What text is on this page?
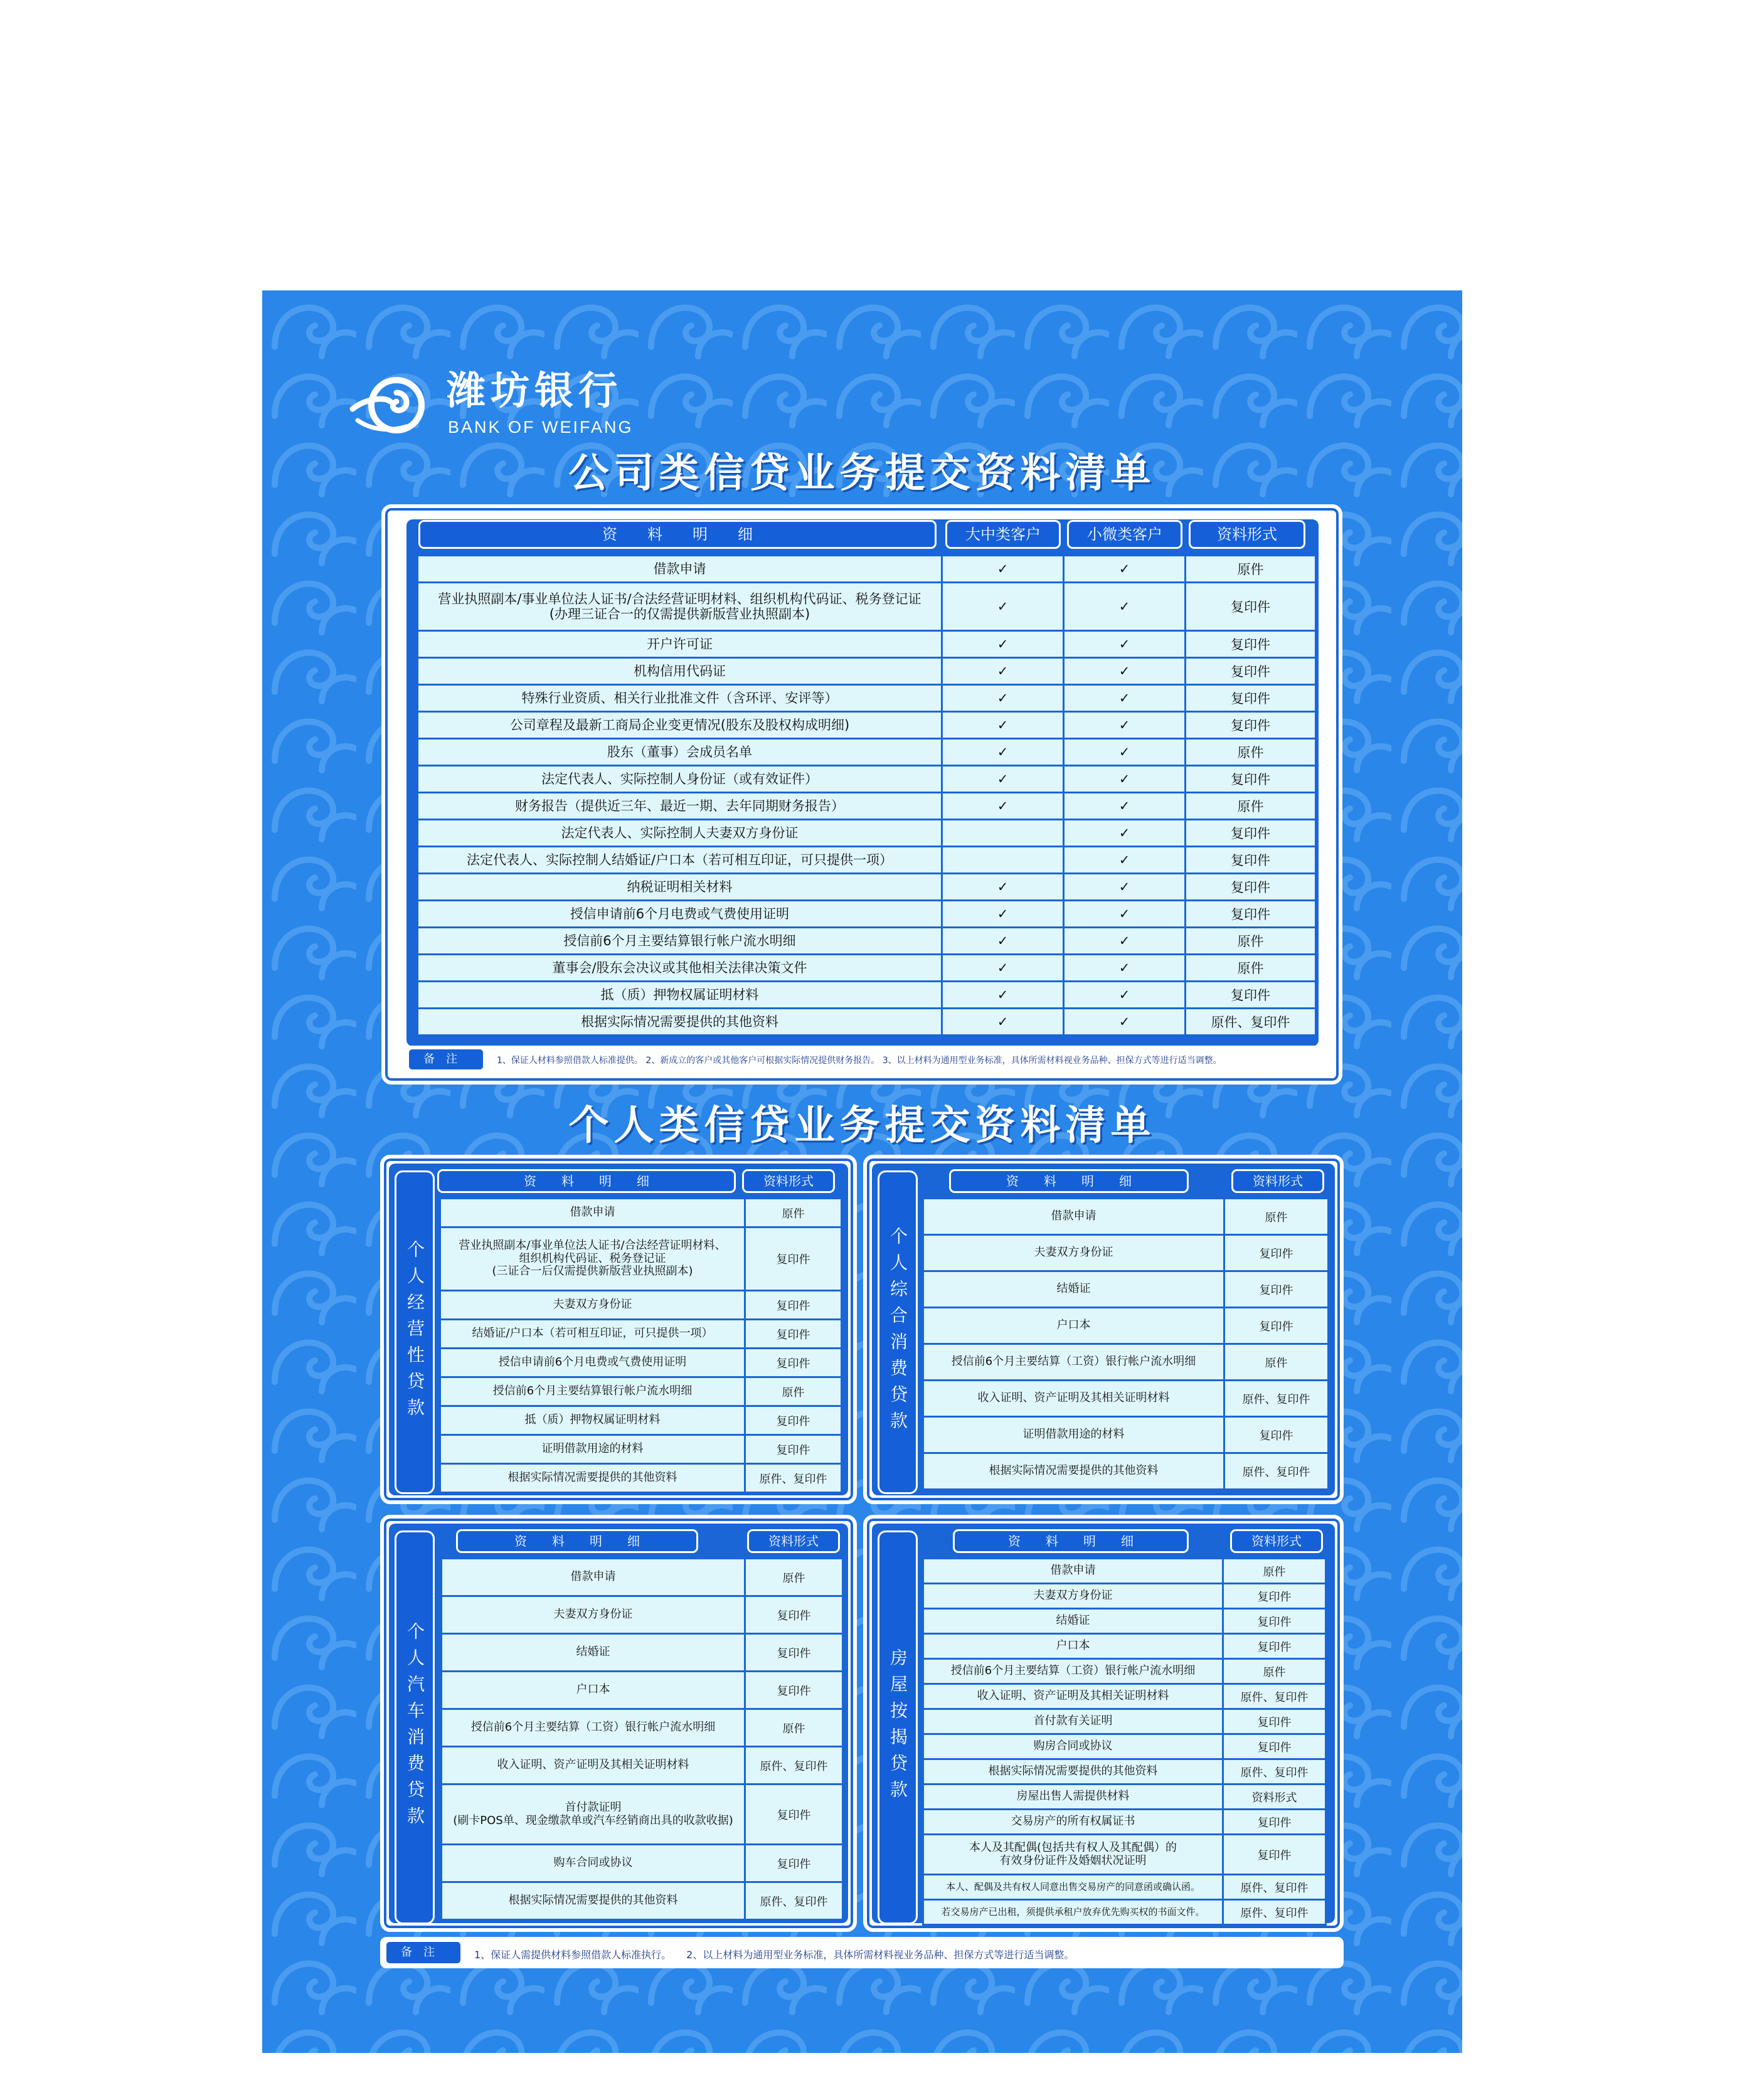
潍坊银行
BANK OF WEIFANG
公司类信贷业务提交资料清单
资　　料　　明　　细	大中类客户	小微类客户	资料形式
借款申请	✓	✓	原件

营业执照副本/事业单位法人证书/合法经营证明材料、组织机构代码证、税务登记证
(办理三证合一的仅需提供新版营业执照副本)	✓	✓	复印件

开户许可证	✓	✓	复印件

机构信用代码证	✓	✓	复印件

特殊行业资质、相关行业批准文件（含环评、安评等）	✓	✓	复印件

公司章程及最新工商局企业变更情况(股东及股权构成明细)	✓	✓	复印件

股东（董事）会成员名单	✓	✓	原件

法定代表人、实际控制人身份证（或有效证件）	✓	✓	复印件

财务报告（提供近三年、最近一期、去年同期财务报告）	✓	✓	原件

法定代表人、实际控制人夫妻双方身份证		✓	复印件

法定代表人、实际控制人结婚证/户口本（若可相互印证，可只提供一项）		✓	复印件

纳税证明相关材料	✓	✓	复印件

授信申请前6个月电费或气费使用证明	✓	✓	复印件

授信前6个月主要结算银行帐户流水明细	✓	✓	原件

董事会/股东会决议或其他相关法律决策文件	✓	✓	原件

抵（质）押物权属证明材料	✓	✓	复印件

根据实际情况需要提供的其他资料	✓	✓	原件、复印件
备注	1、保证人材料参照借款人标准提供。 2、新成立的客户或其他客户可根据实际情况提供财务报告。 3、以上材料为通用型业务标准，具体所需材料视业务品种、担保方式等进行适当调整。
个人类信贷业务提交资料清单
个人经营性贷款
资　　料　　明　　细	资料形式
借款申请	原件

营业执照副本/事业单位法人证书/合法经营证明材料、
组织机构代码证、税务登记证
(三证合一后仅需提供新版营业执照副本)	复印件

夫妻双方身份证	复印件

结婚证/户口本（若可相互印证，可只提供一项）	复印件

授信申请前6个月电费或气费使用证明	复印件

授信前6个月主要结算银行帐户流水明细	原件

抵（质）押物权属证明材料	复印件

证明借款用途的材料	复印件

根据实际情况需要提供的其他资料	原件、复印件
个人综合消费贷款
资　　料　　明　　细	资料形式
借款申请	原件

夫妻双方身份证	复印件

结婚证	复印件

户口本	复印件

授信前6个月主要结算（工资）银行帐户流水明细	原件

收入证明、资产证明及其相关证明材料	原件、复印件

证明借款用途的材料	复印件

根据实际情况需要提供的其他资料	原件、复印件
个人汽车消费贷款
资　　料　　明　　细	资料形式
借款申请	原件

夫妻双方身份证	复印件

结婚证	复印件

户口本	复印件

授信前6个月主要结算（工资）银行帐户流水明细	原件

收入证明、资产证明及其相关证明材料	原件、复印件

首付款证明
(刷卡POS单、现金缴款单或汽车经销商出具的收款收据)	复印件

购车合同或协议	复印件

根据实际情况需要提供的其他资料	原件、复印件
房屋按揭贷款
资　　料　　明　　细	资料形式
借款申请	原件

夫妻双方身份证	复印件

结婚证	复印件

户口本	复印件

授信前6个月主要结算（工资）银行帐户流水明细	原件

收入证明、资产证明及其相关证明材料	原件、复印件

首付款有关证明	复印件

购房合同或协议	复印件

根据实际情况需要提供的其他资料	原件、复印件

房屋出售人需提供材料	资料形式

交易房产的所有权属证书	复印件

本人及其配偶(包括共有权人及其配偶）的
有效身份证件及婚姻状况证明	复印件

本人、配偶及共有权人同意出售交易房产的同意函或确认函。	原件、复印件

若交易房产已出租，须提供承租户放弃优先购买权的书面文件。	原件、复印件
备注	1、保证人需提供材料参照借款人标准执行。　　2、以上材料为通用型业务标准，具体所需材料视业务品种、担保方式等进行适当调整。
